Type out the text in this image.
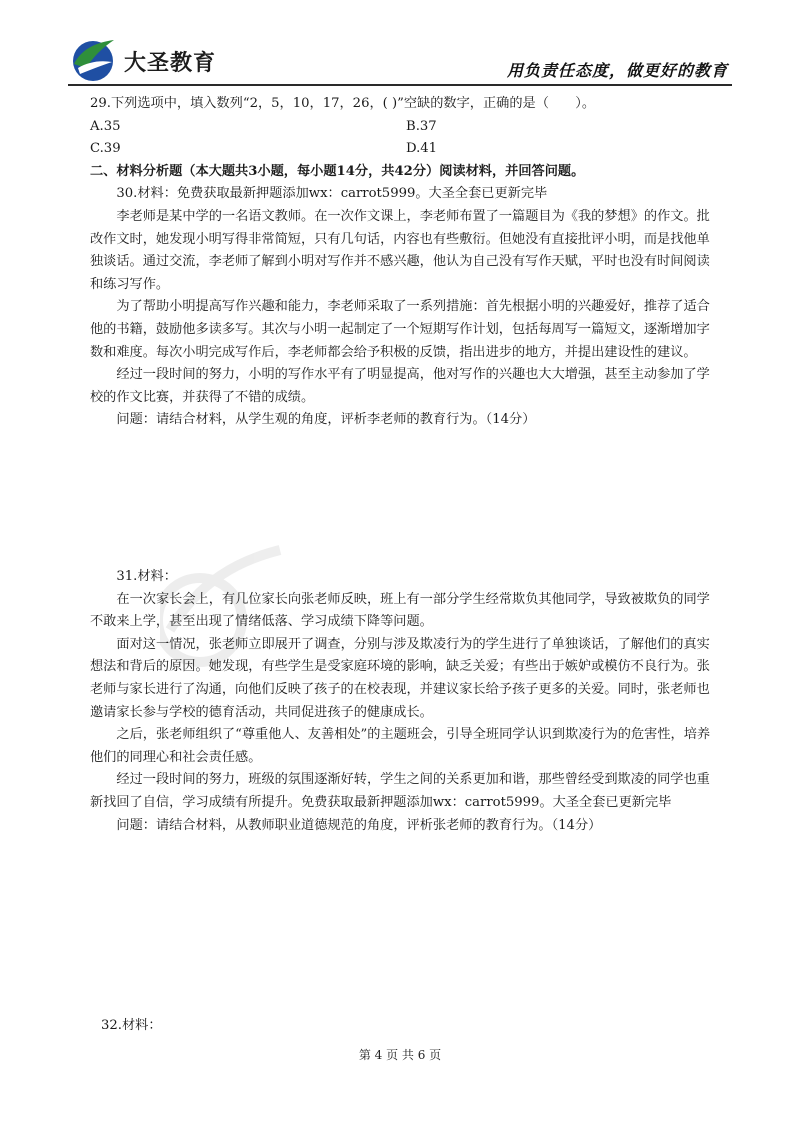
大圣教育	用负责任态度，做更好的教育

29.下列选项中，填入数列“2，5，10，17，26，( )”空缺的数字，正确的是（　　）。

A.35	B.37
C.39	D.41

二、材料分析题（本大题共3小题，每小题14分，共42分）阅读材料，并回答问题。

30.材料：免费获取最新押题添加wx：carrot5999。大圣全套已更新完毕

李老师是某中学的一名语文教师。在一次作文课上，李老师布置了一篇题目为《我的梦想》的作文。批改作文时，她发现小明写得非常简短，只有几句话，内容也有些敷衍。但她没有直接批评小明，而是找他单独谈话。通过交流，李老师了解到小明对写作并不感兴趣，他认为自己没有写作天赋，平时也没有时间阅读和练习写作。

为了帮助小明提高写作兴趣和能力，李老师采取了一系列措施：首先根据小明的兴趣爱好，推荐了适合他的书籍，鼓励他多读多写。其次与小明一起制定了一个短期写作计划，包括每周写一篇短文，逐渐增加字数和难度。每次小明完成写作后，李老师都会给予积极的反馈，指出进步的地方，并提出建设性的建议。

经过一段时间的努力，小明的写作水平有了明显提高，他对写作的兴趣也大大增强，甚至主动参加了学校的作文比赛，并获得了不错的成绩。

问题：请结合材料，从学生观的角度，评析李老师的教育行为。（14分）

31.材料：

在一次家长会上，有几位家长向张老师反映，班上有一部分学生经常欺负其他同学，导致被欺负的同学不敢来上学，甚至出现了情绪低落、学习成绩下降等问题。

面对这一情况，张老师立即展开了调查，分别与涉及欺凌行为的学生进行了单独谈话，了解他们的真实想法和背后的原因。她发现，有些学生是受家庭环境的影响，缺乏关爱；有些出于嫉妒或模仿不良行为。张老师与家长进行了沟通，向他们反映了孩子的在校表现，并建议家长给予孩子更多的关爱。同时，张老师也邀请家长参与学校的德育活动，共同促进孩子的健康成长。

之后，张老师组织了“尊重他人、友善相处”的主题班会，引导全班同学认识到欺凌行为的危害性，培养他们的同理心和社会责任感。

经过一段时间的努力，班级的氛围逐渐好转，学生之间的关系更加和谐，那些曾经受到欺凌的同学也重新找回了自信，学习成绩有所提升。免费获取最新押题添加wx：carrot5999。大圣全套已更新完毕

问题：请结合材料，从教师职业道德规范的角度，评析张老师的教育行为。（14分）

32.材料：
第 4 页 共 6 页
